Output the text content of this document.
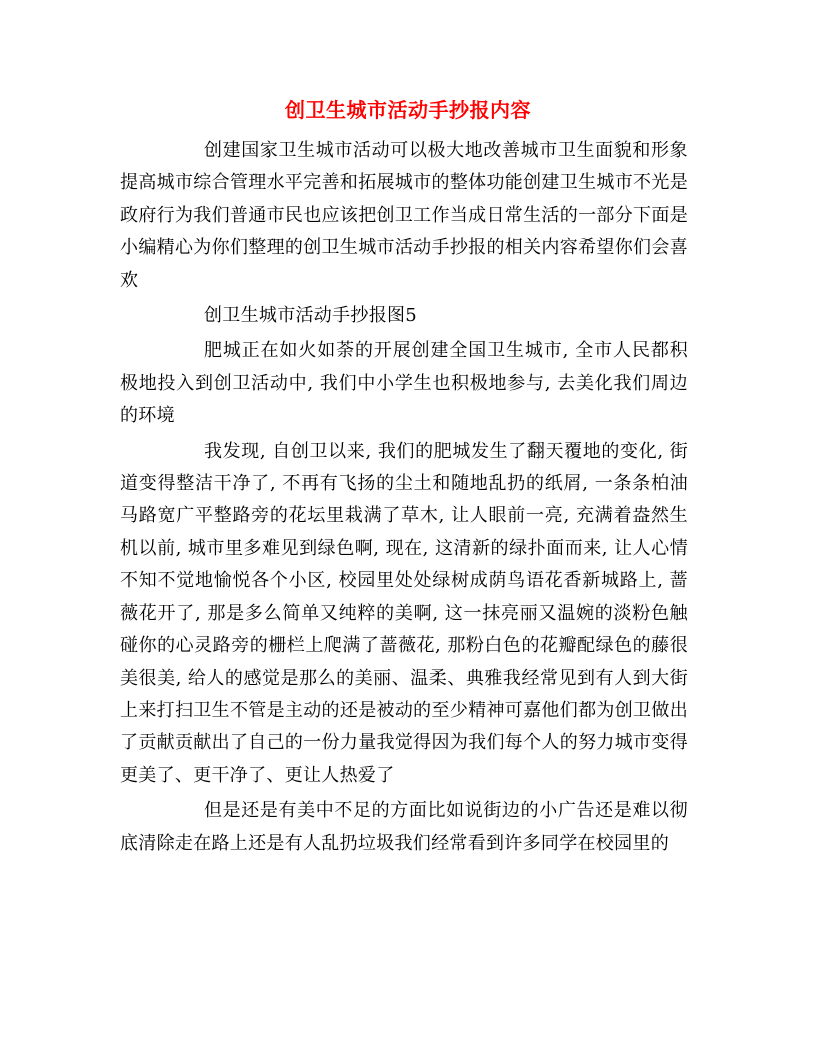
创卫生城市活动手抄报内容

创建国家卫生城市活动可以极大地改善城市卫生面貌和形象提高城市综合管理水平完善和拓展城市的整体功能创建卫生城市不光是政府行为我们普通市民也应该把创卫工作当成日常生活的一部分下面是小编精心为你们整理的创卫生城市活动手抄报的相关内容希望你们会喜欢

创卫生城市活动手抄报图5

肥城正在如火如荼的开展创建全国卫生城市, 全市人民都积极地投入到创卫活动中, 我们中小学生也积极地参与, 去美化我们周边的环境

我发现, 自创卫以来, 我们的肥城发生了翻天覆地的变化, 街道变得整洁干净了, 不再有飞扬的尘土和随地乱扔的纸屑, 一条条柏油马路宽广平整路旁的花坛里栽满了草木, 让人眼前一亮, 充满着盎然生机以前, 城市里多难见到绿色啊, 现在, 这清新的绿扑面而来, 让人心情不知不觉地愉悦各个小区, 校园里处处绿树成荫鸟语花香新城路上, 蔷薇花开了, 那是多么简单又纯粹的美啊, 这一抹亮丽又温婉的淡粉色触碰你的心灵路旁的栅栏上爬满了蔷薇花, 那粉白色的花瓣配绿色的藤很美很美, 给人的感觉是那么的美丽、温柔、典雅我经常见到有人到大街上来打扫卫生不管是主动的还是被动的至少精神可嘉他们都为创卫做出了贡献贡献出了自己的一份力量我觉得因为我们每个人的努力城市变得更美了、更干净了、更让人热爱了

但是还是有美中不足的方面比如说街边的小广告还是难以彻底清除走在路上还是有人乱扔垃圾我们经常看到许多同学在校园里的
